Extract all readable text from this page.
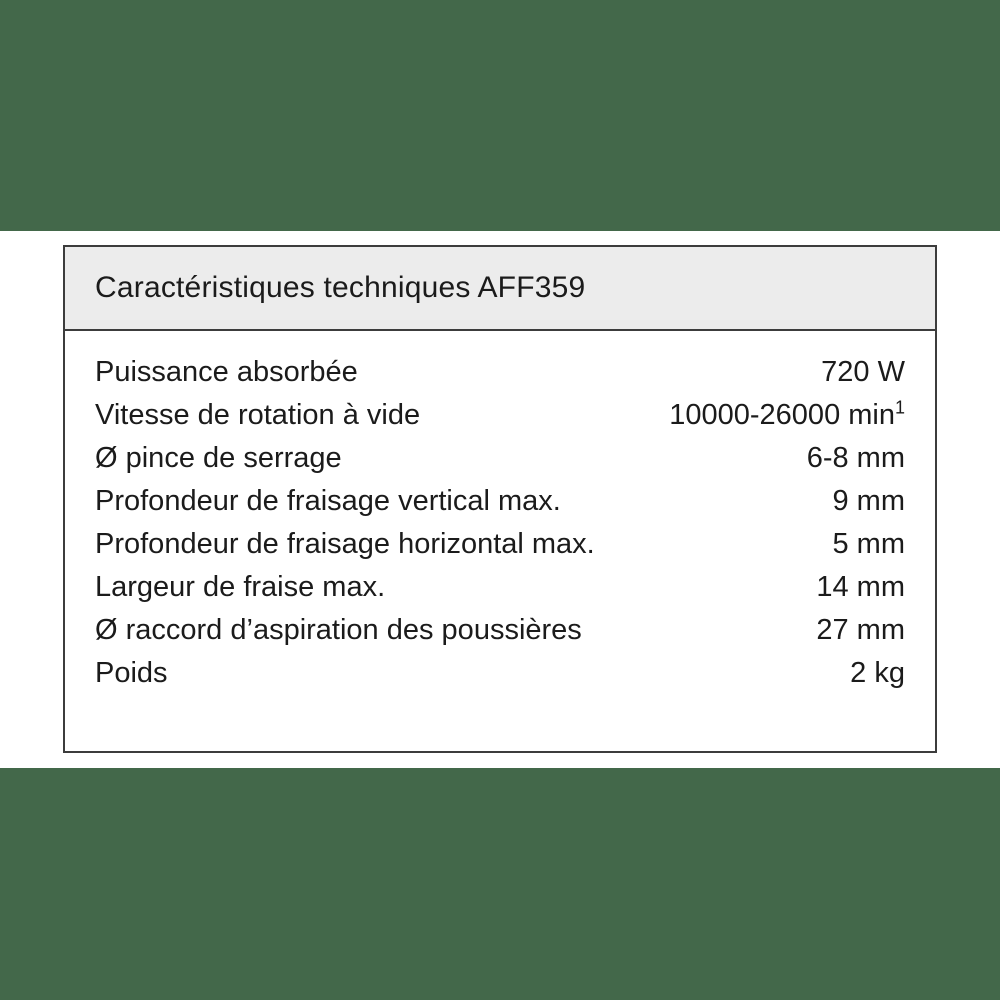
Caractéristiques techniques AFF359
Puissance absorbée	720 W
Vitesse de rotation à vide	10000-26000 $\min^1$
Ø pince de serrage	6-8 mm
Profondeur de fraisage vertical max.	9 mm
Profondeur de fraisage horizontal max.	5 mm
Largeur de fraise max.	14 mm
Ø raccord d’aspiration des poussières	27 mm
Poids	2 kg
